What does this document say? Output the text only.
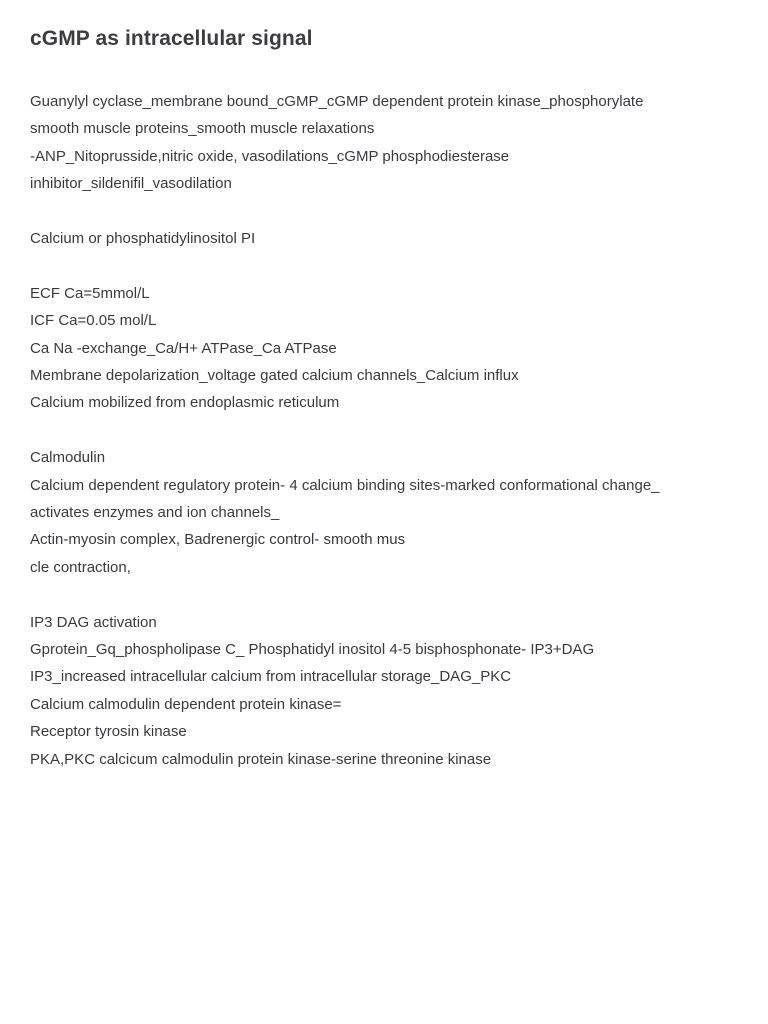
cGMP as intracellular signal
Guanylyl cyclase_membrane bound_cGMP_cGMP dependent protein kinase_phosphorylate
smooth muscle proteins_smooth muscle relaxations
-ANP_Nitoprusside,nitric oxide, vasodilations_cGMP phosphodiesterase
inhibitor_sildenifil_vasodilation
Calcium or phosphatidylinositol PI
ECF Ca=5mmol/L
ICF Ca=0.05 mol/L
Ca Na -exchange_Ca/H+ ATPase_Ca ATPase
Membrane depolarization_voltage gated calcium channels_Calcium influx
Calcium mobilized from endoplasmic reticulum
Calmodulin
Calcium dependent regulatory protein- 4 calcium binding sites-marked conformational change_
activates enzymes and ion channels_
Actin-myosin complex, Badrenergic control- smooth mus
cle contraction,
IP3 DAG activation
Gprotein_Gq_phospholipase C_ Phosphatidyl inositol 4-5 bisphosphonate- IP3+DAG
IP3_increased intracellular calcium from intracellular storage_DAG_PKC
Calcium calmodulin dependent protein kinase=
Receptor tyrosin kinase
PKA,PKC calcicum calmodulin protein kinase-serine threonine kinase
